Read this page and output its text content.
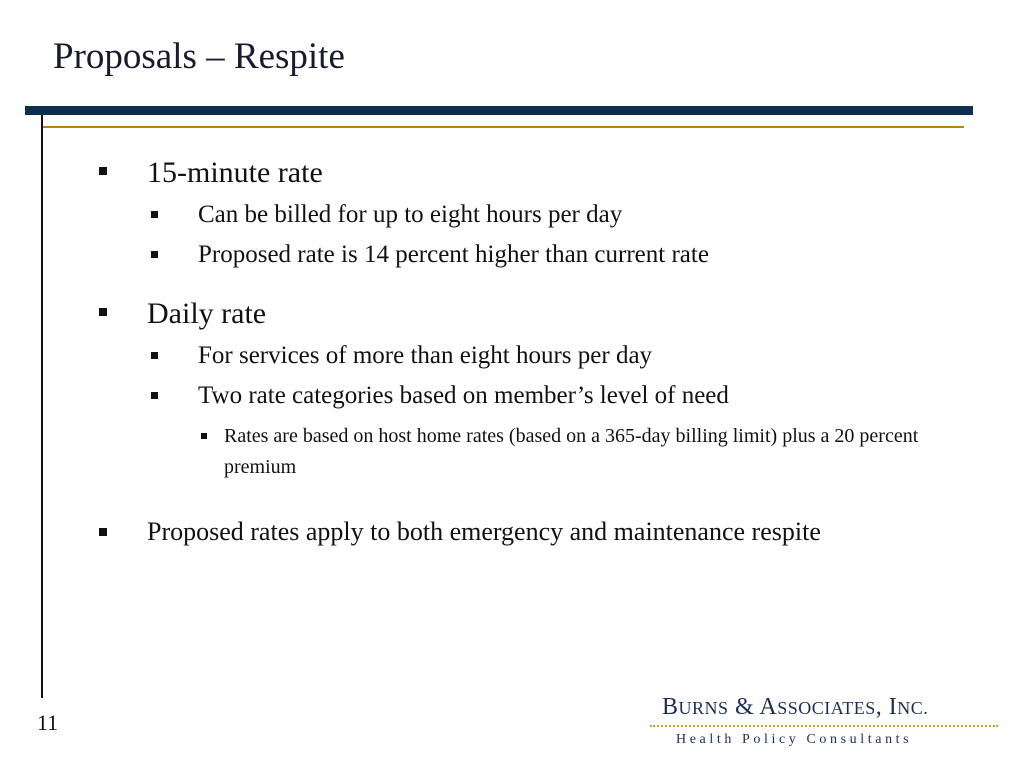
Proposals – Respite
15-minute rate
Can be billed for up to eight hours per day
Proposed rate is 14 percent higher than current rate
Daily rate
For services of more than eight hours per day
Two rate categories based on member’s level of need
Rates are based on host home rates (based on a 365-day billing limit) plus a 20 percent premium
Proposed rates apply to both emergency and maintenance respite
11
BURNS & ASSOCIATES, INC.
Health Policy Consultants
